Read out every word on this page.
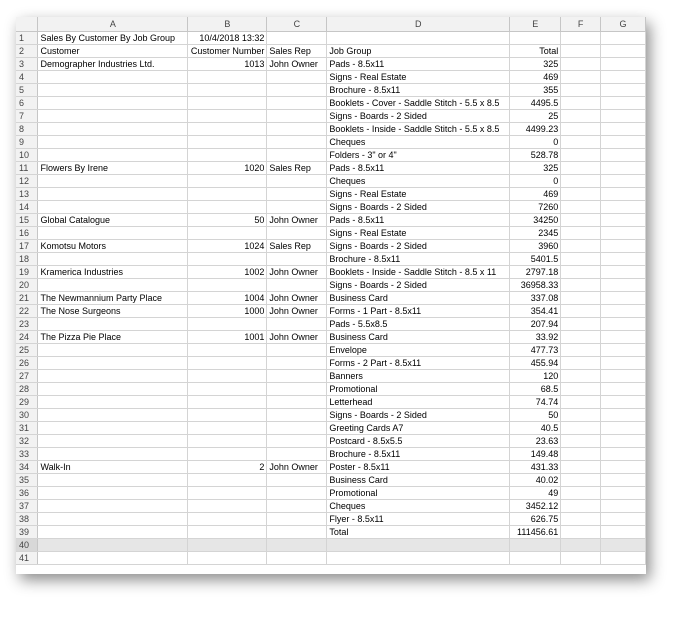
	A	B	C	D	E	F	G
1	Sales By Customer By Job Group	10/4/2018 13:32					
2	Customer	Customer Number	Sales Rep	Job Group	Total		
3	Demographer Industries Ltd.	1013	John Owner	Pads - 8.5x11	325		
4				Signs - Real Estate	469		
5				Brochure - 8.5x11	355		
6				Booklets - Cover - Saddle Stitch - 5.5 x 8.5	4495.5		
7				Signs - Boards - 2 Sided	25		
8				Booklets - Inside - Saddle Stitch - 5.5 x 8.5	4499.23		
9				Cheques	0		
10				Folders - 3" or 4"	528.78		
11	Flowers By Irene	1020	Sales Rep	Pads - 8.5x11	325		
12				Cheques	0		
13				Signs - Real Estate	469		
14				Signs - Boards - 2 Sided	7260		
15	Global Catalogue	50	John Owner	Pads - 8.5x11	34250		
16				Signs - Real Estate	2345		
17	Komotsu Motors	1024	Sales Rep	Signs - Boards - 2 Sided	3960		
18				Brochure - 8.5x11	5401.5		
19	Kramerica Industries	1002	John Owner	Booklets - Inside - Saddle Stitch - 8.5 x 11	2797.18		
20				Signs - Boards - 2 Sided	36958.33		
21	The Newmannium Party Place	1004	John Owner	Business Card	337.08		
22	The Nose Surgeons	1000	John Owner	Forms - 1 Part - 8.5x11	354.41		
23				Pads - 5.5x8.5	207.94		
24	The Pizza Pie Place	1001	John Owner	Business Card	33.92		
25				Envelope	477.73		
26				Forms - 2 Part - 8.5x11	455.94		
27				Banners	120		
28				Promotional	68.5		
29				Letterhead	74.74		
30				Signs - Boards - 2 Sided	50		
31				Greeting Cards A7	40.5		
32				Postcard - 8.5x5.5	23.63		
33				Brochure - 8.5x11	149.48		
34	Walk-In	2	John Owner	Poster - 8.5x11	431.33		
35				Business Card	40.02		
36				Promotional	49		
37				Cheques	3452.12		
38				Flyer - 8.5x11	626.75		
39				Total	111456.61		
40							
41							
